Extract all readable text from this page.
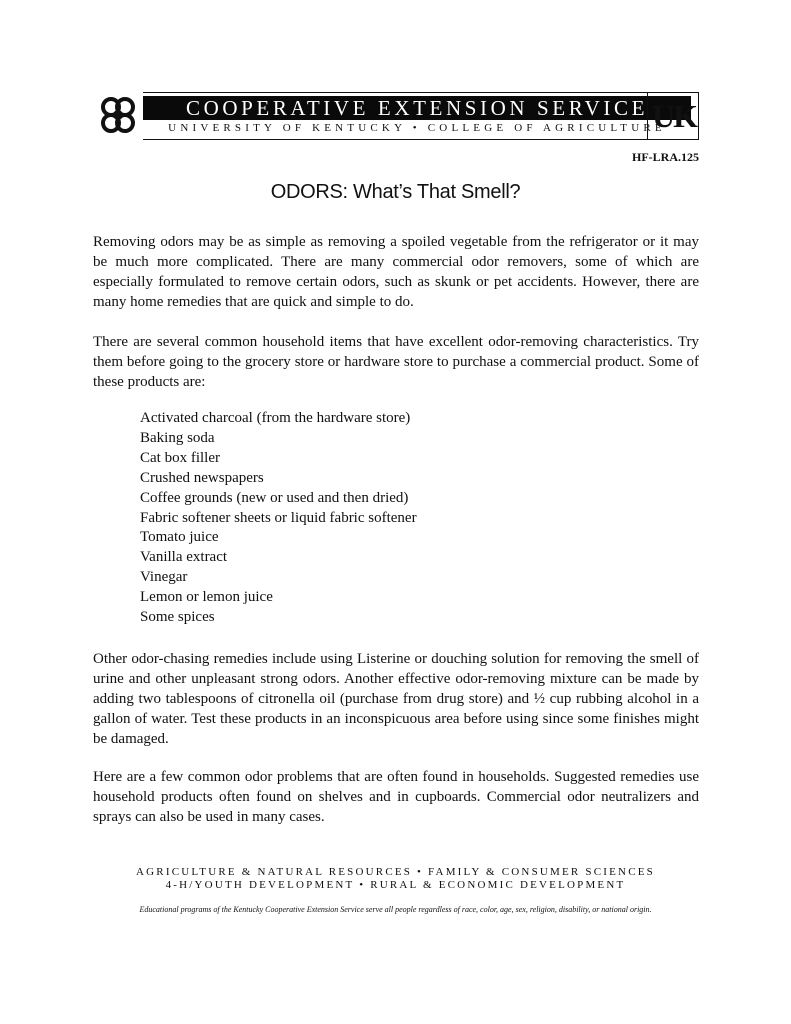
COOPERATIVE EXTENSION SERVICE
UNIVERSITY OF KENTUCKY • COLLEGE OF AGRICULTURE
UK
HF-LRA.125
ODORS: What’s That Smell?

Removing odors may be as simple as removing a spoiled vegetable from the refrigerator or it may be much more complicated. There are many commercial odor removers, some of which are especially formulated to remove certain odors, such as skunk or pet accidents. However, there are many home remedies that are quick and simple to do.

There are several common household items that have excellent odor-removing characteristics. Try them before going to the grocery store or hardware store to purchase a commercial product. Some of these products are:

Activated charcoal (from the hardware store)
Baking soda
Cat box filler
Crushed newspapers
Coffee grounds (new or used and then dried)
Fabric softener sheets or liquid fabric softener
Tomato juice
Vanilla extract
Vinegar
Lemon or lemon juice
Some spices

Other odor-chasing remedies include using Listerine or douching solution for removing the smell of urine and other unpleasant strong odors. Another effective odor-removing mixture can be made by adding two tablespoons of citronella oil (purchase from drug store) and ½ cup rubbing alcohol in a gallon of water. Test these products in an inconspicuous area before using since some finishes might be damaged.

Here are a few common odor problems that are often found in households. Suggested remedies use household products often found on shelves and in cupboards. Commercial odor neutralizers and sprays can also be used in many cases.

AGRICULTURE & NATURAL RESOURCES • FAMILY & CONSUMER SCIENCES
4-H/YOUTH DEVELOPMENT • RURAL & ECONOMIC DEVELOPMENT
Educational programs of the Kentucky Cooperative Extension Service serve all people regardless of race, color, age, sex, religion, disability, or national origin.
